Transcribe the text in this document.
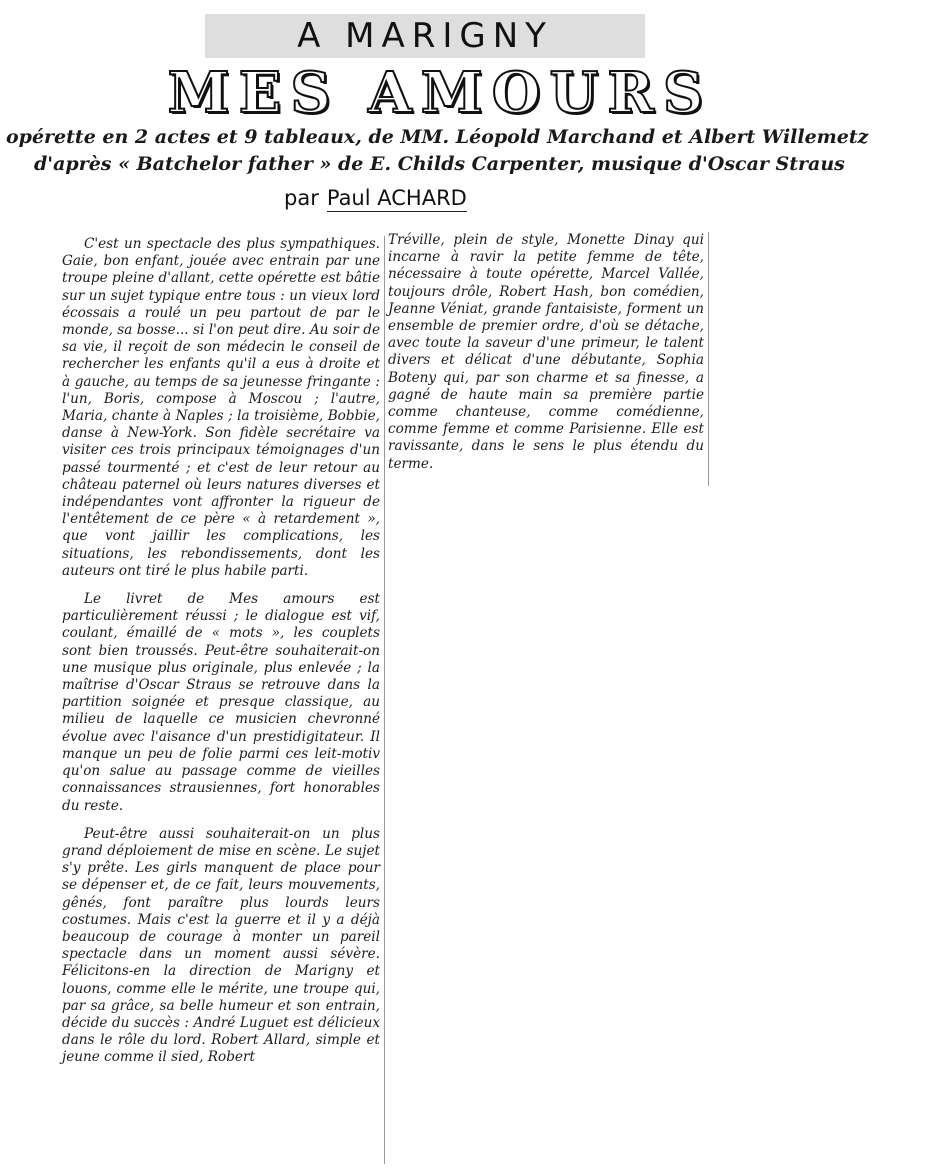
A MARIGNY
MES AMOURS
opérette en 2 actes et 9 tableaux, de MM. Léopold Marchand et Albert Willemetz
d'après « Batchelor father » de E. Childs Carpenter, musique d'Oscar Straus
par Paul ACHARD

C'est un spectacle des plus sympathiques. Gaie, bon enfant, jouée avec entrain par une troupe pleine d'allant, cette opérette est bâtie sur un sujet typique entre tous : un vieux lord écossais a roulé un peu partout de par le monde, sa bosse... si l'on peut dire. Au soir de sa vie, il reçoit de son médecin le conseil de rechercher les enfants qu'il a eus à droite et à gauche, au temps de sa jeunesse fringante : l'un, Boris, compose à Moscou ; l'autre, Maria, chante à Naples ; la troisième, Bobbie, danse à New-York. Son fidèle secrétaire va visiter ces trois principaux témoignages d'un passé tourmenté ; et c'est de leur retour au château paternel où leurs natures diverses et indépendantes vont affronter la rigueur de l'entêtement de ce père « à retardement », que vont jaillir les complications, les situations, les rebondissements, dont les auteurs ont tiré le plus habile parti.

Le livret de Mes amours est particulièrement réussi ; le dialogue est vif, coulant, émaillé de « mots », les couplets sont bien troussés. Peut-être souhaiterait-on une musique plus originale, plus enlevée ; la maîtrise d'Oscar Straus se retrouve dans la partition soignée et presque classique, au milieu de laquelle ce musicien chevronné évolue avec l'aisance d'un prestidigitateur. Il manque un peu de folie parmi ces leit-motiv qu'on salue au passage comme de vieilles connaissances strausiennes, fort honorables du reste.

Peut-être aussi souhaiterait-on un plus grand déploiement de mise en scène. Le sujet s'y prête. Les girls manquent de place pour se dépenser et, de ce fait, leurs mouvements, gênés, font paraître plus lourds leurs costumes. Mais c'est la guerre et il y a déjà beaucoup de courage à monter un pareil spectacle dans un moment aussi sévère. Félicitons-en la direction de Marigny et louons, comme elle le mérite, une troupe qui, par sa grâce, sa belle humeur et son entrain, décide du succès : André Luguet est délicieux dans le rôle du lord. Robert Allard, simple et jeune comme il sied, Robert

Tréville, plein de style, Monette Dinay qui incarne à ravir la petite femme de tête, nécessaire à toute opérette, Marcel Vallée, toujours drôle, Robert Hash, bon comédien, Jeanne Véniat, grande fantaisiste, forment un ensemble de premier ordre, d'où se détache, avec toute la saveur d'une primeur, le talent divers et délicat d'une débutante, Sophia Boteny qui, par son charme et sa finesse, a gagné de haute main sa première partie comme chanteuse, comme comédienne, comme femme et comme Parisienne. Elle est ravissante, dans le sens le plus étendu du terme.
